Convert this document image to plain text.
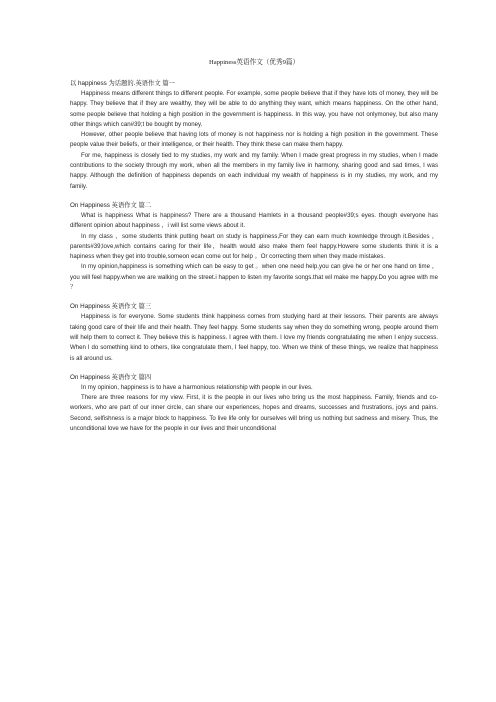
Happiness英语作文（优秀9篇）
以 happiness 为话题的.英语作文 篇一

Happiness means different things to different people. For example, some people believe that if they have lots of money, they will be happy. They believe that if they are wealthy, they will be able to do anything they want, which means happiness. On the other hand, some people believe that holding a high position in the government is happiness. In this way, you have not onlymoney, but also many other things which can#39;t be bought by money.

However, other people believe that having lots of money is not happiness nor is holding a high position in the government. These people value their beliefs, or their intelligence, or their health. They think these can make them happy.

For me, happiness is closely tied to my studies, my work and my family. When I made great progress in my studies, when I made contributions to the society through my work, when all the members in my family live in harmony, sharing good and sad times, I was happy. Although the definition of happiness depends on each individual my wealth of happiness is in my studies, my work, and my family.

On Happiness 英语作文 篇二

What is happiness What is happiness? There are a thousand Hamlets in a thousand people#39;s eyes. though everyone has different opinion about happiness ，i will list some views about it.

In my class ，some students think putting heart on study is happiness,For they can earn much kownledge through it.Besides ，parents#39;love,which contains caring for their life，health would also make them feel happy.Howere some students think it is a hapiness when they get into trouble,someon ecan come out for help 。Or correcting them when they made mistakes.

In my opinion,happiness is something which can be easy to get 。when one need help,you can give he or her one hand on time ，you will feel happy.when we are walking on the street.i happen to listen my favorite songs.that wil make me happy.Do you agree with me ？

On Happiness 英语作文 篇三

Happiness is for everyone. Some students think happiness comes from studying hard at their lessons. Their parents are always taking good care of their life and their health. They feel happy. Some students say when they do something wrong, people around them will help them to correct it. They believe this is happiness. I agree with them. I love my friends congratulating me when I enjoy success. When I do something kind to others, like congratulate them, I feel happy, too. When we think of these things, we realize that happiness is all around us.

On Happiness 英语作文 篇四

In my opinion, happiness is to have a harmonious relationship with people in our lives.

There are three reasons for my view. First, it is the people in our lives who bring us the most happiness. Family, friends and co-workers, who are part of our inner circle, can share our experiences, hopes and dreams, successes and frustrations, joys and pains. Second, selfishness is a major block to happiness. To live life only for ourselves will bring us nothing but sadness and misery. Thus, the unconditional love we have for the people in our lives and their unconditional
